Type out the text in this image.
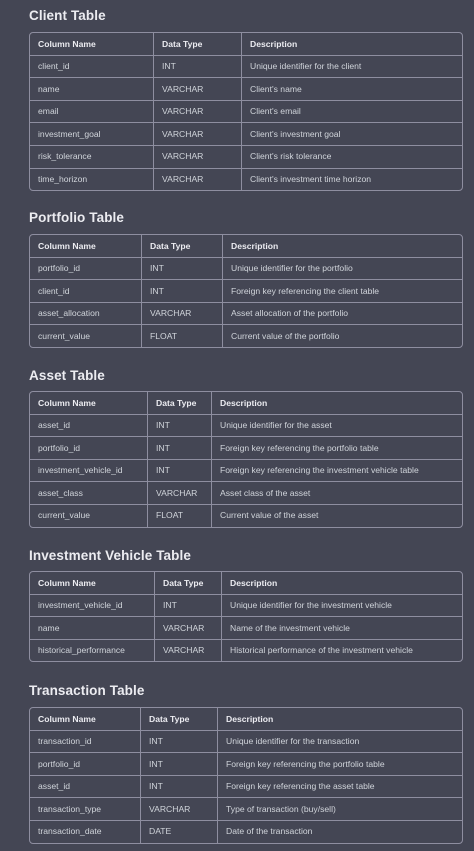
Client Table
Column Name	Data Type	Description
client_id	INT	Unique identifier for the client
name	VARCHAR	Client's name
email	VARCHAR	Client's email
investment_goal	VARCHAR	Client's investment goal
risk_tolerance	VARCHAR	Client's risk tolerance
time_horizon	VARCHAR	Client's investment time horizon
Portfolio Table
Column Name	Data Type	Description
portfolio_id	INT	Unique identifier for the portfolio
client_id	INT	Foreign key referencing the client table
asset_allocation	VARCHAR	Asset allocation of the portfolio
current_value	FLOAT	Current value of the portfolio
Asset Table
Column Name	Data Type	Description
asset_id	INT	Unique identifier for the asset
portfolio_id	INT	Foreign key referencing the portfolio table
investment_vehicle_id	INT	Foreign key referencing the investment vehicle table
asset_class	VARCHAR	Asset class of the asset
current_value	FLOAT	Current value of the asset
Investment Vehicle Table
Column Name	Data Type	Description
investment_vehicle_id	INT	Unique identifier for the investment vehicle
name	VARCHAR	Name of the investment vehicle
historical_performance	VARCHAR	Historical performance of the investment vehicle
Transaction Table
Column Name	Data Type	Description
transaction_id	INT	Unique identifier for the transaction
portfolio_id	INT	Foreign key referencing the portfolio table
asset_id	INT	Foreign key referencing the asset table
transaction_type	VARCHAR	Type of transaction (buy/sell)
transaction_date	DATE	Date of the transaction
